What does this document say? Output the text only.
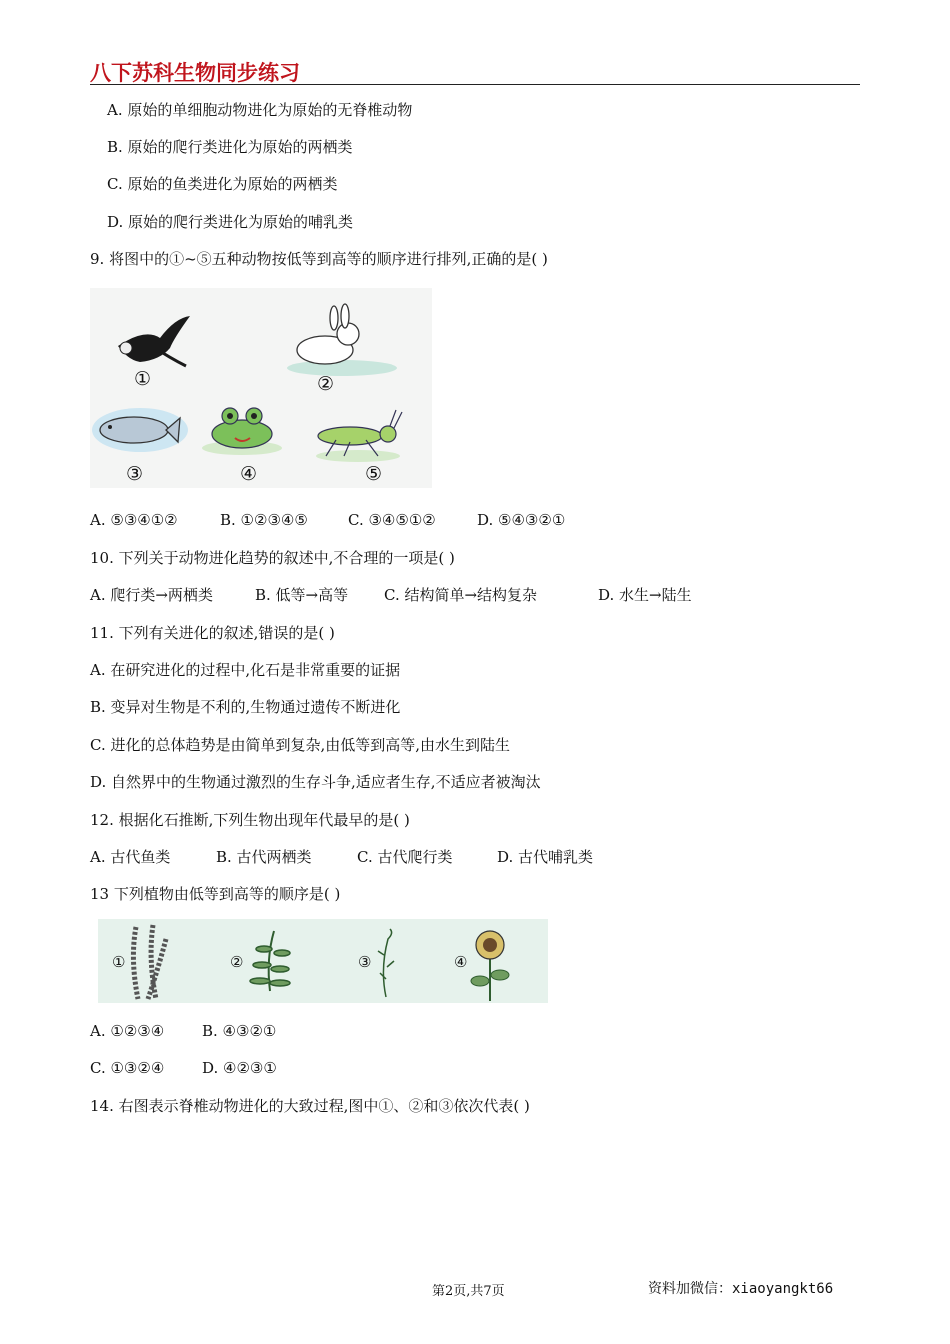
八下苏科生物同步练习
A. 原始的单细胞动物进化为原始的无脊椎动物
B. 原始的爬行类进化为原始的两栖类
C. 原始的鱼类进化为原始的两栖类
D. 原始的爬行类进化为原始的哺乳类
9. 将图中的①~⑤五种动物按低等到高等的顺序进行排列,正确的是( )
①	②
③	④	⑤
A. ⑤③④①②	B. ①②③④⑤	C. ③④⑤①②	D. ⑤④③②①
10. 下列关于动物进化趋势的叙述中,不合理的一项是( )
A. 爬行类→两栖类	B. 低等→高等 C. 结构简单→结构复杂	D. 水生→陆生
11. 下列有关进化的叙述,错误的是( )
A. 在研究进化的过程中,化石是非常重要的证据
B. 变异对生物是不利的,生物通过遗传不断进化
C. 进化的总体趋势是由简单到复杂,由低等到高等,由水生到陆生
D. 自然界中的生物通过激烈的生存斗争,适应者生存,不适应者被淘汰
12. 根据化石推断,下列生物出现年代最早的是( )
A. 古代鱼类	B. 古代两栖类	C. 古代爬行类	D. 古代哺乳类
13 下列植物由低等到高等的顺序是( )
①	②	③	④
A. ①②③④	B. ④③②①
C. ①③②④	D. ④②③①
14. 右图表示脊椎动物进化的大致过程,图中①、②和③依次代表( )
第2页,共7页	资料加微信：xiaoyangkt66
